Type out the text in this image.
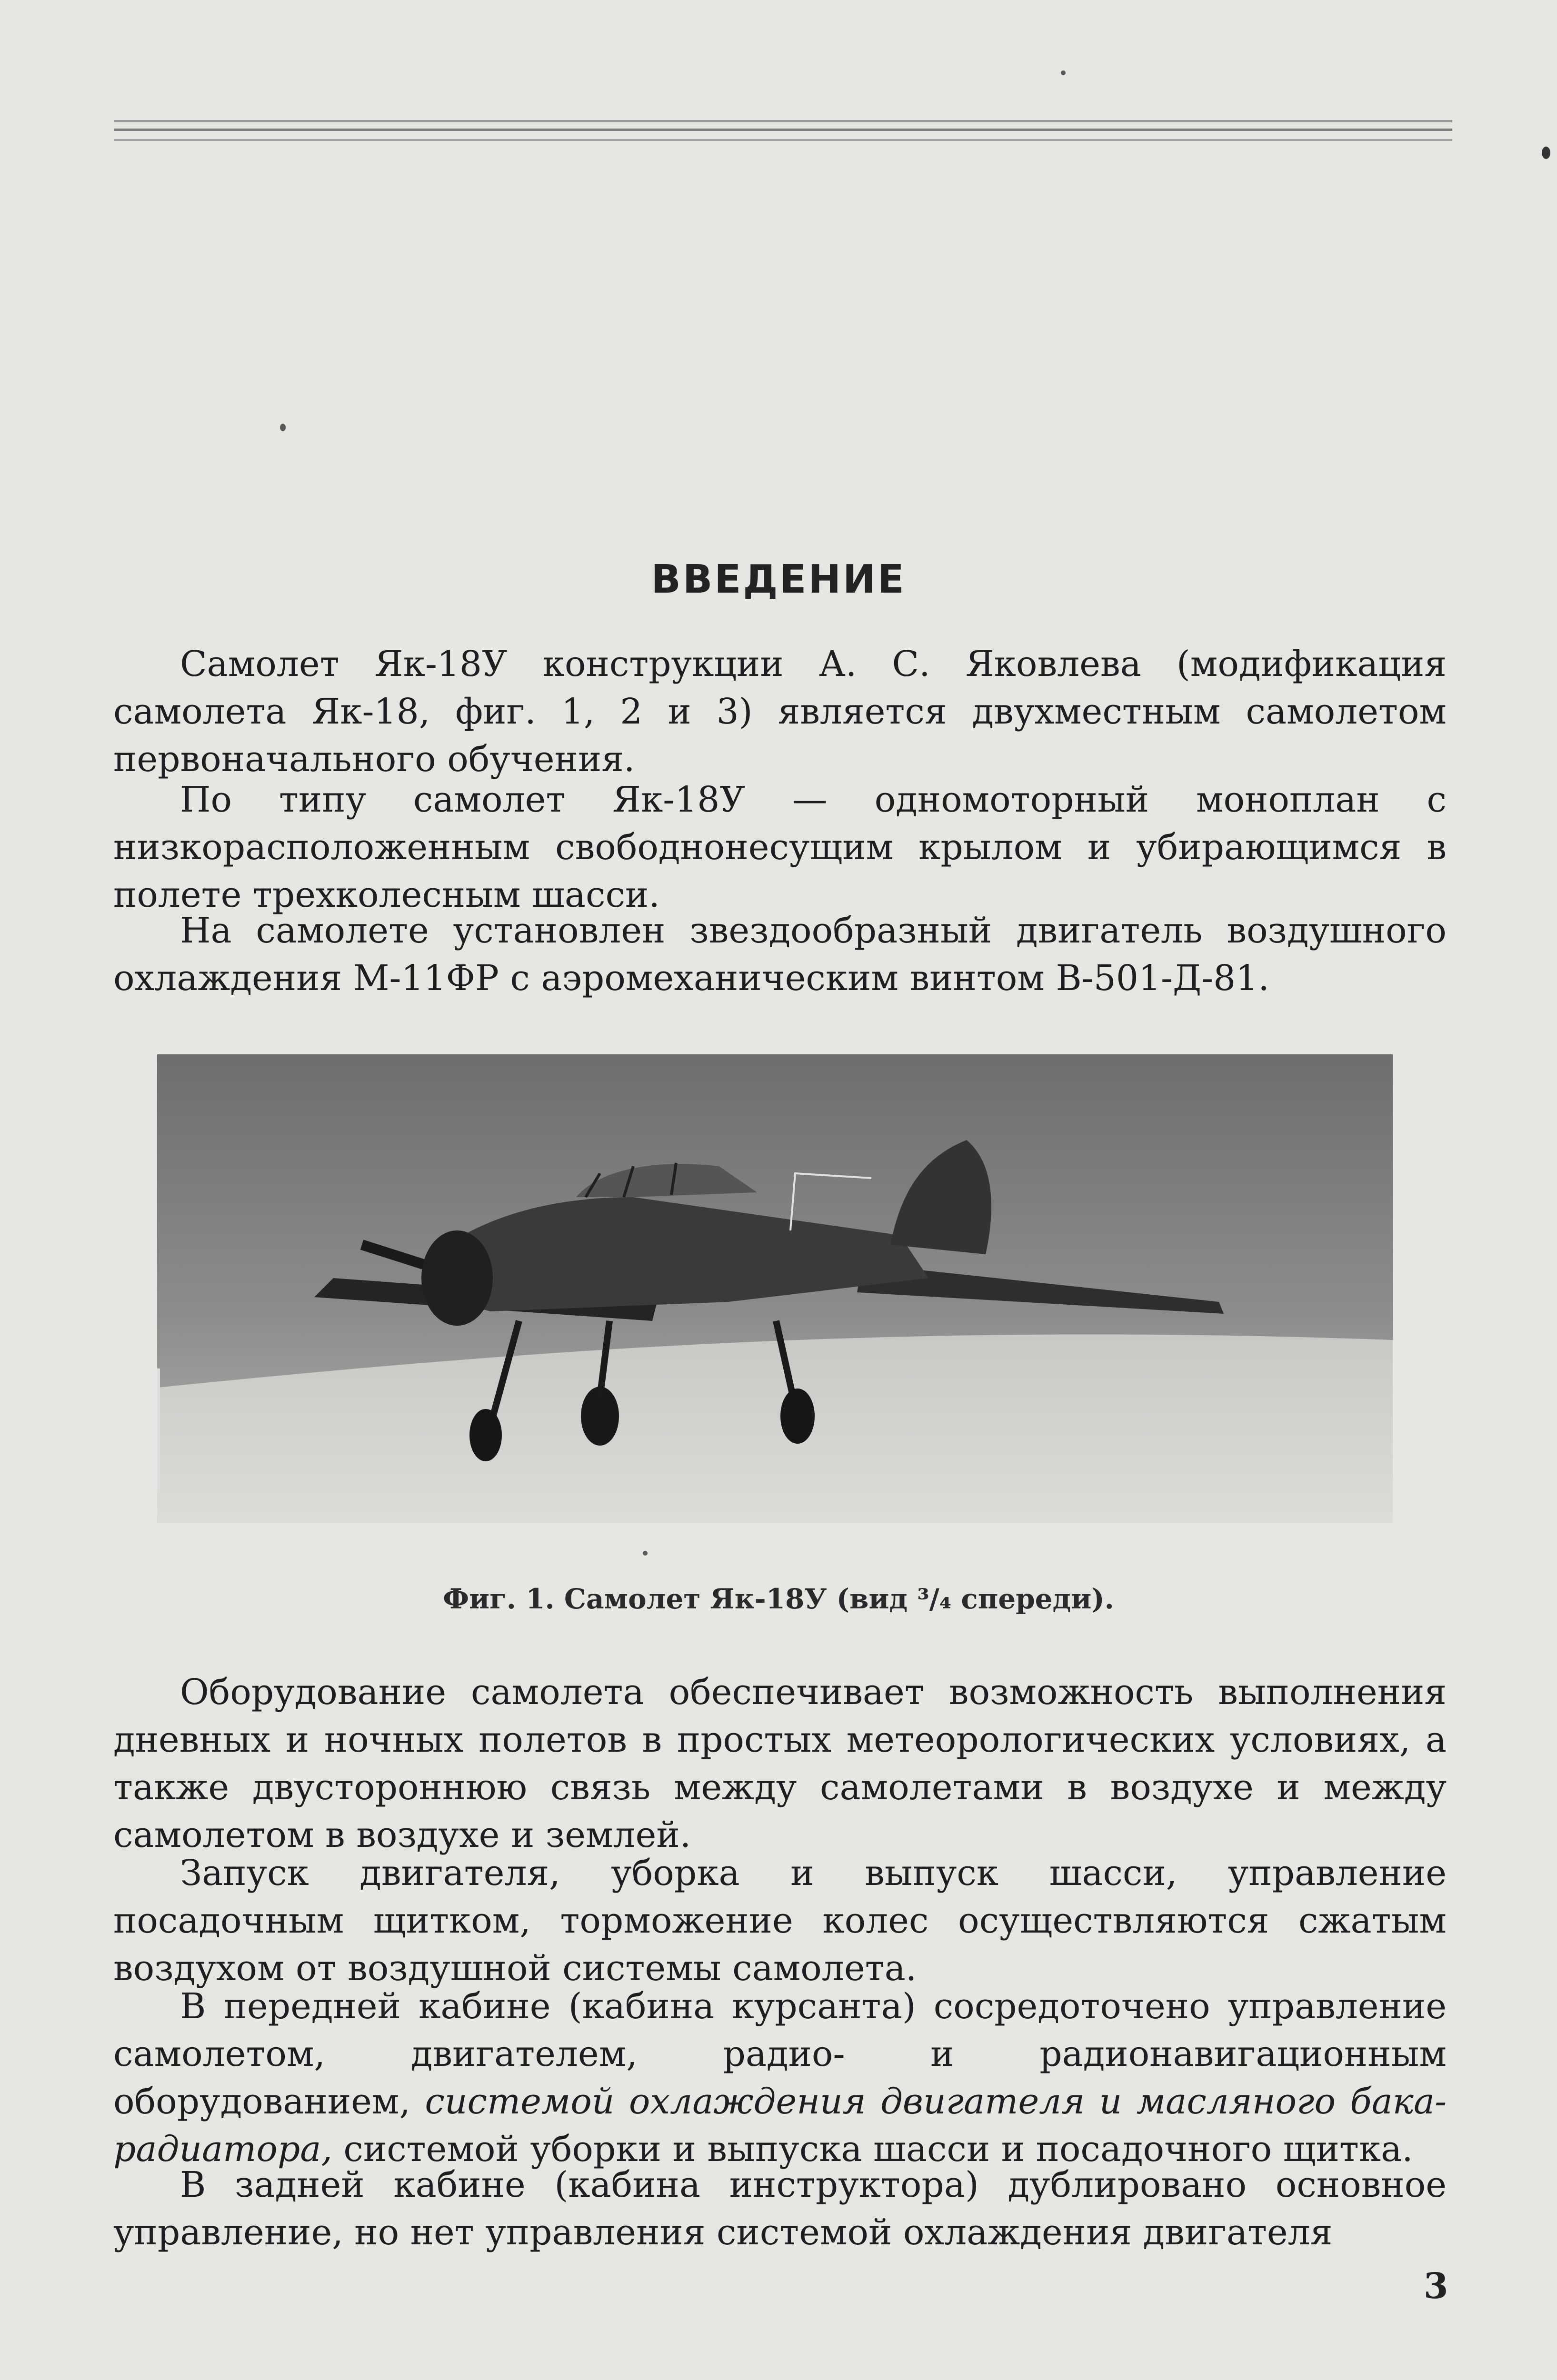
ВВЕДЕНИЕ

Самолет Як-18У конструкции А. С. Яковлева (модификация самолета Як-18, фиг. 1, 2 и 3) является двухместным самолетом первоначального обучения.

По типу самолет Як-18У — одномоторный моноплан с низкорасположенным свободнонесущим крылом и убирающимся в полете трехколесным шасси.

На самолете установлен звездообразный двигатель воздушного охлаждения М-11ФР с аэромеханическим винтом В-501-Д-81.

Фиг. 1. Самолет Як-18У (вид ³/₄ спереди).

Оборудование самолета обеспечивает возможность выполнения дневных и ночных полетов в простых метеорологических условиях, а также двустороннюю связь между самолетами в воздухе и между самолетом в воздухе и землей.

Запуск двигателя, уборка и выпуск шасси, управление посадочным щитком, торможение колес осуществляются сжатым воздухом от воздушной системы самолета.

В передней кабине (кабина курсанта) сосредоточено управление самолетом, двигателем, радио- и радионавигационным оборудованием, системой охлаждения двигателя и масляного бака-радиатора, системой уборки и выпуска шасси и посадочного щитка.

В задней кабине (кабина инструктора) дублировано основное управление, но нет управления системой охлаждения двигателя

3
